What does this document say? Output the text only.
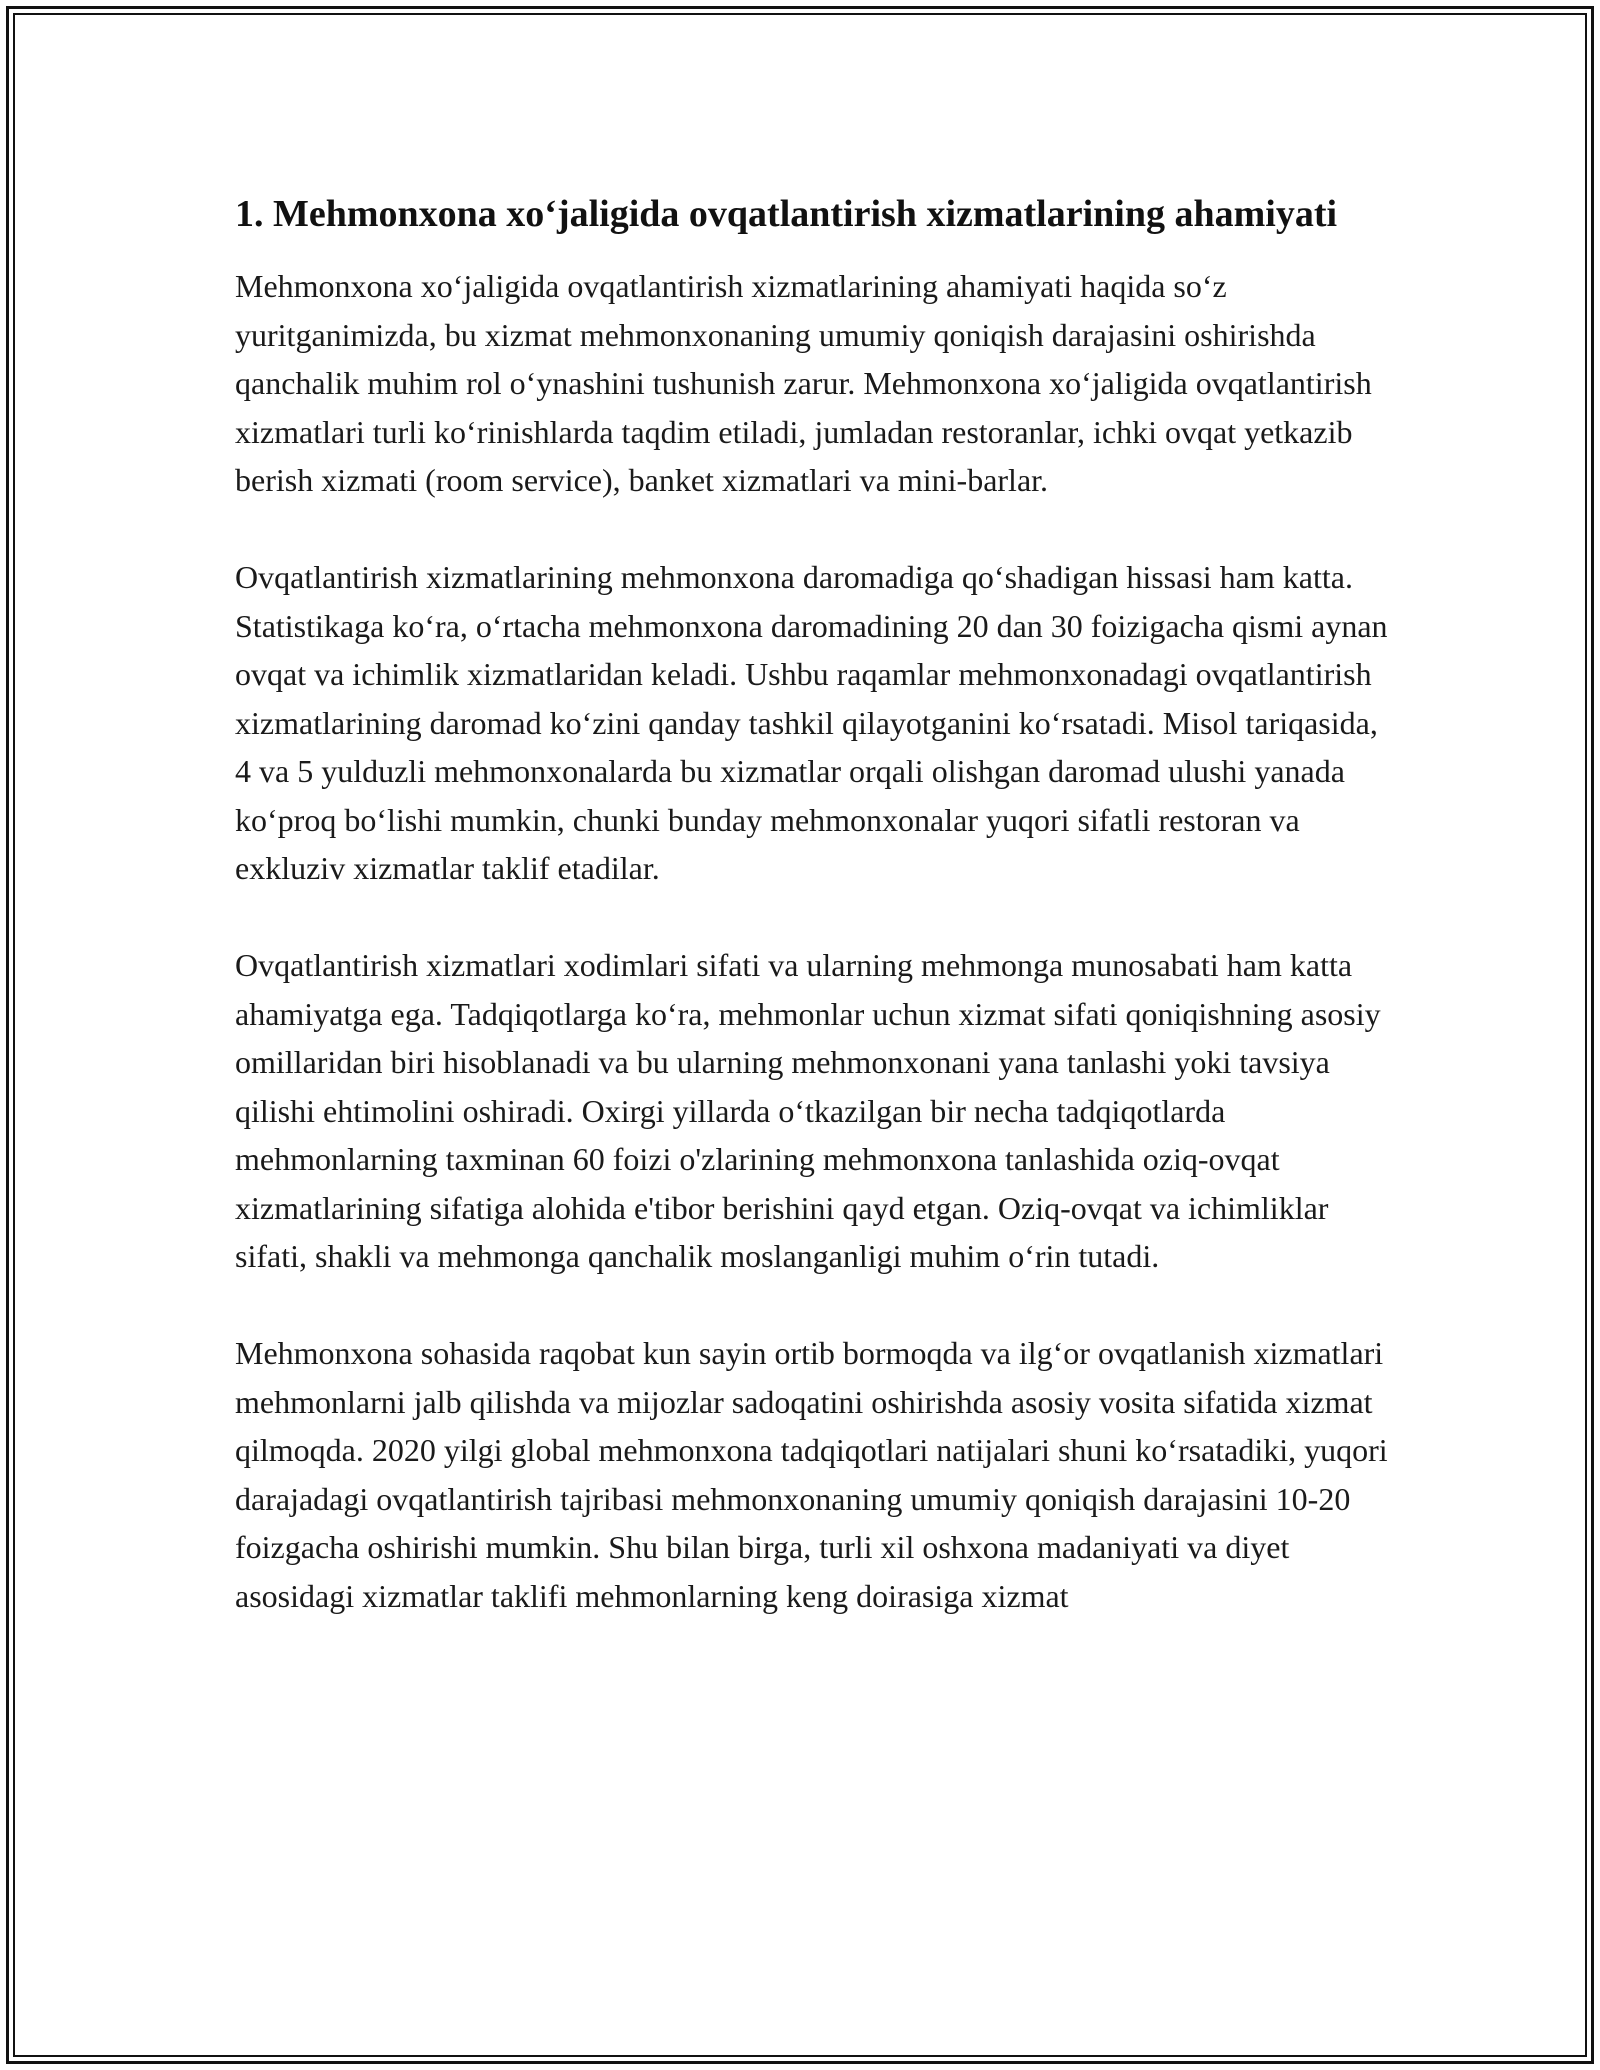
1. Mehmonxona xo‘jaligida ovqatlantirish xizmatlarining ahamiyati

Mehmonxona xo‘jaligida ovqatlantirish xizmatlarining ahamiyati haqida so‘z yuritganimizda, bu xizmat mehmonxonaning umumiy qoniqish darajasini oshirishda qanchalik muhim rol o‘ynashini tushunish zarur. Mehmonxona xo‘jaligida ovqatlantirish xizmatlari turli ko‘rinishlarda taqdim etiladi, jumladan restoranlar, ichki ovqat yetkazib berish xizmati (room service), banket xizmatlari va mini-barlar.

Ovqatlantirish xizmatlarining mehmonxona daromadiga qo‘shadigan hissasi ham katta. Statistikaga ko‘ra, o‘rtacha mehmonxona daromadining 20 dan 30 foizigacha qismi aynan ovqat va ichimlik xizmatlaridan keladi. Ushbu raqamlar mehmonxonadagi ovqatlantirish xizmatlarining daromad ko‘zini qanday tashkil qilayotganini ko‘rsatadi. Misol tariqasida, 4 va 5 yulduzli mehmonxonalarda bu xizmatlar orqali olishgan daromad ulushi yanada ko‘proq bo‘lishi mumkin, chunki bunday mehmonxonalar yuqori sifatli restoran va exkluziv xizmatlar taklif etadilar.

Ovqatlantirish xizmatlari xodimlari sifati va ularning mehmonga munosabati ham katta ahamiyatga ega. Tadqiqotlarga ko‘ra, mehmonlar uchun xizmat sifati qoniqishning asosiy omillaridan biri hisoblanadi va bu ularning mehmonxonani yana tanlashi yoki tavsiya qilishi ehtimolini oshiradi. Oxirgi yillarda o‘tkazilgan bir necha tadqiqotlarda mehmonlarning taxminan 60 foizi o'zlarining mehmonxona tanlashida oziq-ovqat xizmatlarining sifatiga alohida e'tibor berishini qayd etgan. Oziq-ovqat va ichimliklar sifati, shakli va mehmonga qanchalik moslanganligi muhim o‘rin tutadi.

Mehmonxona sohasida raqobat kun sayin ortib bormoqda va ilg‘or ovqatlanish xizmatlari mehmonlarni jalb qilishda va mijozlar sadoqatini oshirishda asosiy vosita sifatida xizmat qilmoqda. 2020 yilgi global mehmonxona tadqiqotlari natijalari shuni ko‘rsatadiki, yuqori darajadagi ovqatlantirish tajribasi mehmonxonaning umumiy qoniqish darajasini 10-20 foizgacha oshirishi mumkin. Shu bilan birga, turli xil oshxona madaniyati va diyet asosidagi xizmatlar taklifi mehmonlarning keng doirasiga xizmat
